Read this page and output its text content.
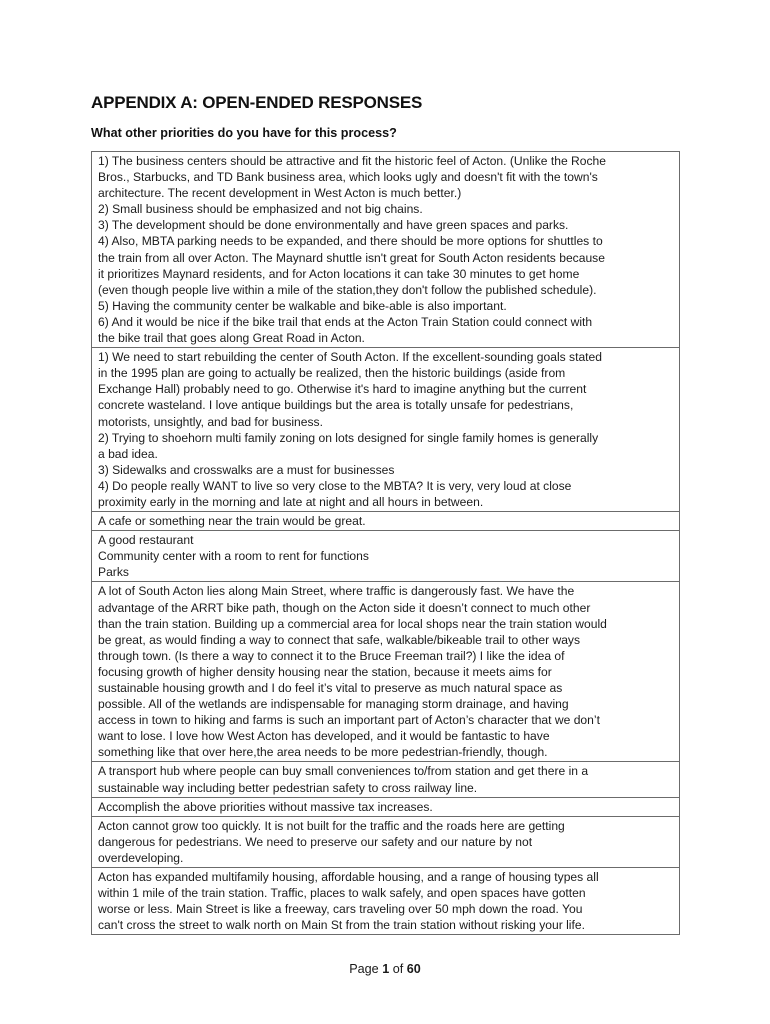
APPENDIX A: OPEN-ENDED RESPONSES

What other priorities do you have for this process?

1) The business centers should be attractive and fit the historic feel of Acton. (Unlike the Roche
Bros., Starbucks, and TD Bank business area, which looks ugly and doesn't fit with the town's
architecture. The recent development in West Acton is much better.)
2) Small business should be emphasized and not big chains.
3) The development should be done environmentally and have green spaces and parks.
4) Also, MBTA parking needs to be expanded, and there should be more options for shuttles to
the train from all over Acton. The Maynard shuttle isn't great for South Acton residents because
it prioritizes Maynard residents, and for Acton locations it can take 30 minutes to get home
(even though people live within a mile of the station,they don't follow the published schedule).
5) Having the community center be walkable and bike-able is also important.
6) And it would be nice if the bike trail that ends at the Acton Train Station could connect with
the bike trail that goes along Great Road in Acton.
1) We need to start rebuilding the center of South Acton. If the excellent-sounding goals stated
in the 1995 plan are going to actually be realized, then the historic buildings (aside from
Exchange Hall) probably need to go. Otherwise it's hard to imagine anything but the current
concrete wasteland. I love antique buildings but the area is totally unsafe for pedestrians,
motorists, unsightly, and bad for business.
2) Trying to shoehorn multi family zoning on lots designed for single family homes is generally
a bad idea.
3) Sidewalks and crosswalks are a must for businesses
4) Do people really WANT to live so very close to the MBTA? It is very, very loud at close
proximity early in the morning and late at night and all hours in between.
A cafe or something near the train would be great.
A good restaurant
Community center with a room to rent for functions
Parks
A lot of South Acton lies along Main Street, where traffic is dangerously fast. We have the
advantage of the ARRT bike path, though on the Acton side it doesn’t connect to much other
than the train station. Building up a commercial area for local shops near the train station would
be great, as would finding a way to connect that safe, walkable/bikeable trail to other ways
through town. (Is there a way to connect it to the Bruce Freeman trail?) I like the idea of
focusing growth of higher density housing near the station, because it meets aims for
sustainable housing growth and I do feel it’s vital to preserve as much natural space as
possible. All of the wetlands are indispensable for managing storm drainage, and having
access in town to hiking and farms is such an important part of Acton’s character that we don’t
want to lose. I love how West Acton has developed, and it would be fantastic to have
something like that over here,the area needs to be more pedestrian-friendly, though.
A transport hub where people can buy small conveniences to/from station and get there in a
sustainable way including better pedestrian safety to cross railway line.
Accomplish the above priorities without massive tax increases.
Acton cannot grow too quickly. It is not built for the traffic and the roads here are getting
dangerous for pedestrians. We need to preserve our safety and our nature by not
overdeveloping.
Acton has expanded multifamily housing, affordable housing, and a range of housing types all
within 1 mile of the train station. Traffic, places to walk safely, and open spaces have gotten
worse or less. Main Street is like a freeway, cars traveling over 50 mph down the road. You
can't cross the street to walk north on Main St from the train station without risking your life.
Page 1 of 60
